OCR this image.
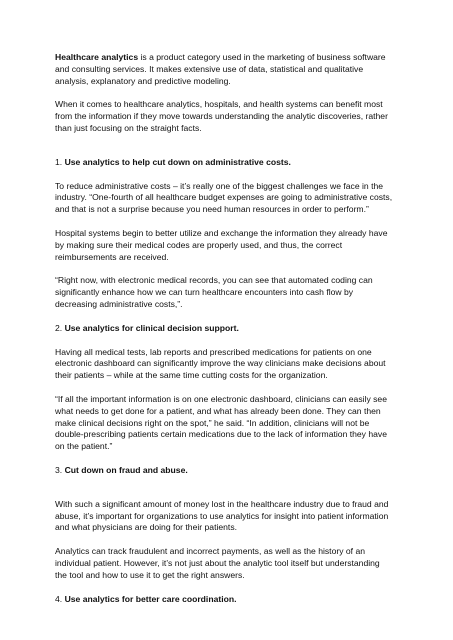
Healthcare analytics is a product category used in the marketing of business software and consulting services. It makes extensive use of data, statistical and qualitative analysis, explanatory and predictive modeling.

When it comes to healthcare analytics, hospitals, and health systems can benefit most from the information if they move towards understanding the analytic discoveries, rather than just focusing on the straight facts.

1. Use analytics to help cut down on administrative costs.

To reduce administrative costs – it’s really one of the biggest challenges we face in the industry. “One-fourth of all healthcare budget expenses are going to administrative costs, and that is not a surprise because you need human resources in order to perform.”

Hospital systems begin to better utilize and exchange the information they already have by making sure their medical codes are properly used, and thus, the correct reimbursements are received.

“Right now, with electronic medical records, you can see that automated coding can significantly enhance how we can turn healthcare encounters into cash flow by decreasing administrative costs,”.

2. Use analytics for clinical decision support.

Having all medical tests, lab reports and prescribed medications for patients on one electronic dashboard can significantly improve the way clinicians make decisions about their patients – while at the same time cutting costs for the organization.

“If all the important information is on one electronic dashboard, clinicians can easily see what needs to get done for a patient, and what has already been done. They can then make clinical decisions right on the spot,” he said. “In addition, clinicians will not be double-prescribing patients certain medications due to the lack of information they have on the patient.”

3. Cut down on fraud and abuse.

With such a significant amount of money lost in the healthcare industry due to fraud and abuse, it’s important for organizations to use analytics for insight into patient information and what physicians are doing for their patients.

Analytics can track fraudulent and incorrect payments, as well as the history of an individual patient. However, it’s not just about the analytic tool itself but understanding the tool and how to use it to get the right answers.

4. Use analytics for better care coordination.
